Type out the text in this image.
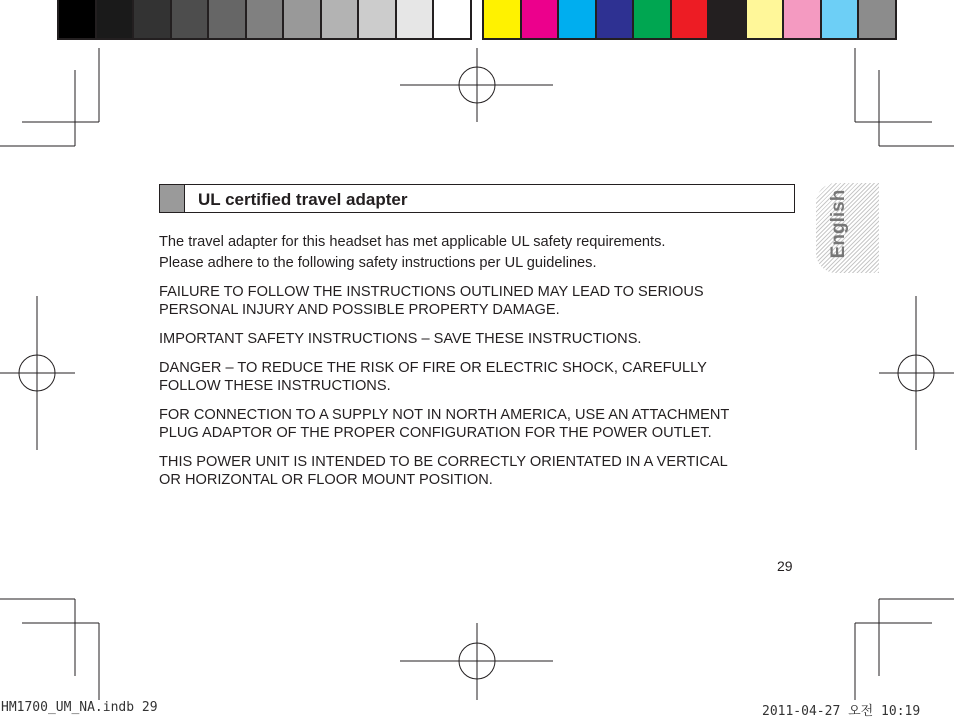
UL certified travel adapter	English

The travel adapter for this headset has met applicable UL safety requirements.

Please adhere to the following safety instructions per UL guidelines.

FAILURE TO FOLLOW THE INSTRUCTIONS OUTLINED MAY LEAD TO SERIOUS
PERSONAL INJURY AND POSSIBLE PROPERTY DAMAGE.

IMPORTANT SAFETY INSTRUCTIONS – SAVE THESE INSTRUCTIONS.

DANGER – TO REDUCE THE RISK OF FIRE OR ELECTRIC SHOCK, CAREFULLY
FOLLOW THESE INSTRUCTIONS.

FOR CONNECTION TO A SUPPLY NOT IN NORTH AMERICA, USE AN ATTACHMENT
PLUG ADAPTOR OF THE PROPER CONFIGURATION FOR THE POWER OUTLET.

THIS POWER UNIT IS INTENDED TO BE CORRECTLY ORIENTATED IN A VERTICAL
OR HORIZONTAL OR FLOOR MOUNT POSITION.

29
HM1700_UM_NA.indb 29	2011-04-27 오전 10:19
